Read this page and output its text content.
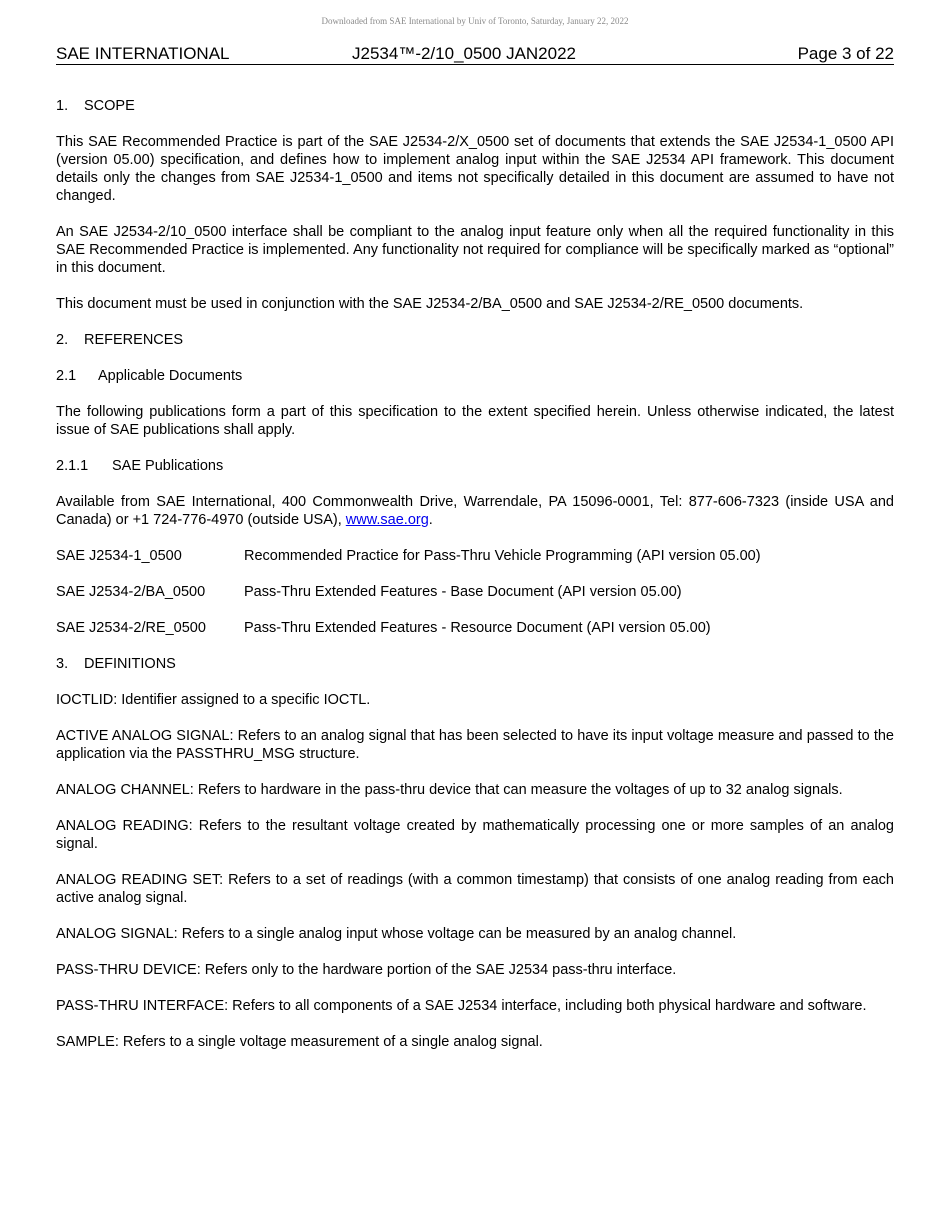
Downloaded from SAE International by Univ of Toronto, Saturday, January 22, 2022
SAE INTERNATIONAL	J2534™-2/10_0500 JAN2022	Page 3 of 22
1. SCOPE

This SAE Recommended Practice is part of the SAE J2534-2/X_0500 set of documents that extends the SAE J2534-1_0500 API (version 05.00) specification, and defines how to implement analog input within the SAE J2534 API framework. This document details only the changes from SAE J2534-1_0500 and items not specifically detailed in this document are assumed to have not changed.

An SAE J2534-2/10_0500 interface shall be compliant to the analog input feature only when all the required functionality in this SAE Recommended Practice is implemented. Any functionality not required for compliance will be specifically marked as “optional” in this document.

This document must be used in conjunction with the SAE J2534-2/BA_0500 and SAE J2534-2/RE_0500 documents.

2. REFERENCES
2.1 Applicable Documents

The following publications form a part of this specification to the extent specified herein. Unless otherwise indicated, the latest issue of SAE publications shall apply.

2.1.1 SAE Publications

Available from SAE International, 400 Commonwealth Drive, Warrendale, PA 15096-0001, Tel: 877-606-7323 (inside USA and Canada) or +1 724-776-4970 (outside USA), www.sae.org.

SAE J2534-1_0500	Recommended Practice for Pass-Thru Vehicle Programming (API version 05.00)
SAE J2534-2/BA_0500	Pass-Thru Extended Features - Base Document (API version 05.00)
SAE J2534-2/RE_0500	Pass-Thru Extended Features - Resource Document (API version 05.00)
3. DEFINITIONS

IOCTLID: Identifier assigned to a specific IOCTL.

ACTIVE ANALOG SIGNAL: Refers to an analog signal that has been selected to have its input voltage measure and passed to the application via the PASSTHRU_MSG structure.

ANALOG CHANNEL: Refers to hardware in the pass-thru device that can measure the voltages of up to 32 analog signals.

ANALOG READING: Refers to the resultant voltage created by mathematically processing one or more samples of an analog signal.

ANALOG READING SET: Refers to a set of readings (with a common timestamp) that consists of one analog reading from each active analog signal.

ANALOG SIGNAL: Refers to a single analog input whose voltage can be measured by an analog channel.

PASS-THRU DEVICE: Refers only to the hardware portion of the SAE J2534 pass-thru interface.

PASS-THRU INTERFACE: Refers to all components of a SAE J2534 interface, including both physical hardware and software.

SAMPLE: Refers to a single voltage measurement of a single analog signal.
